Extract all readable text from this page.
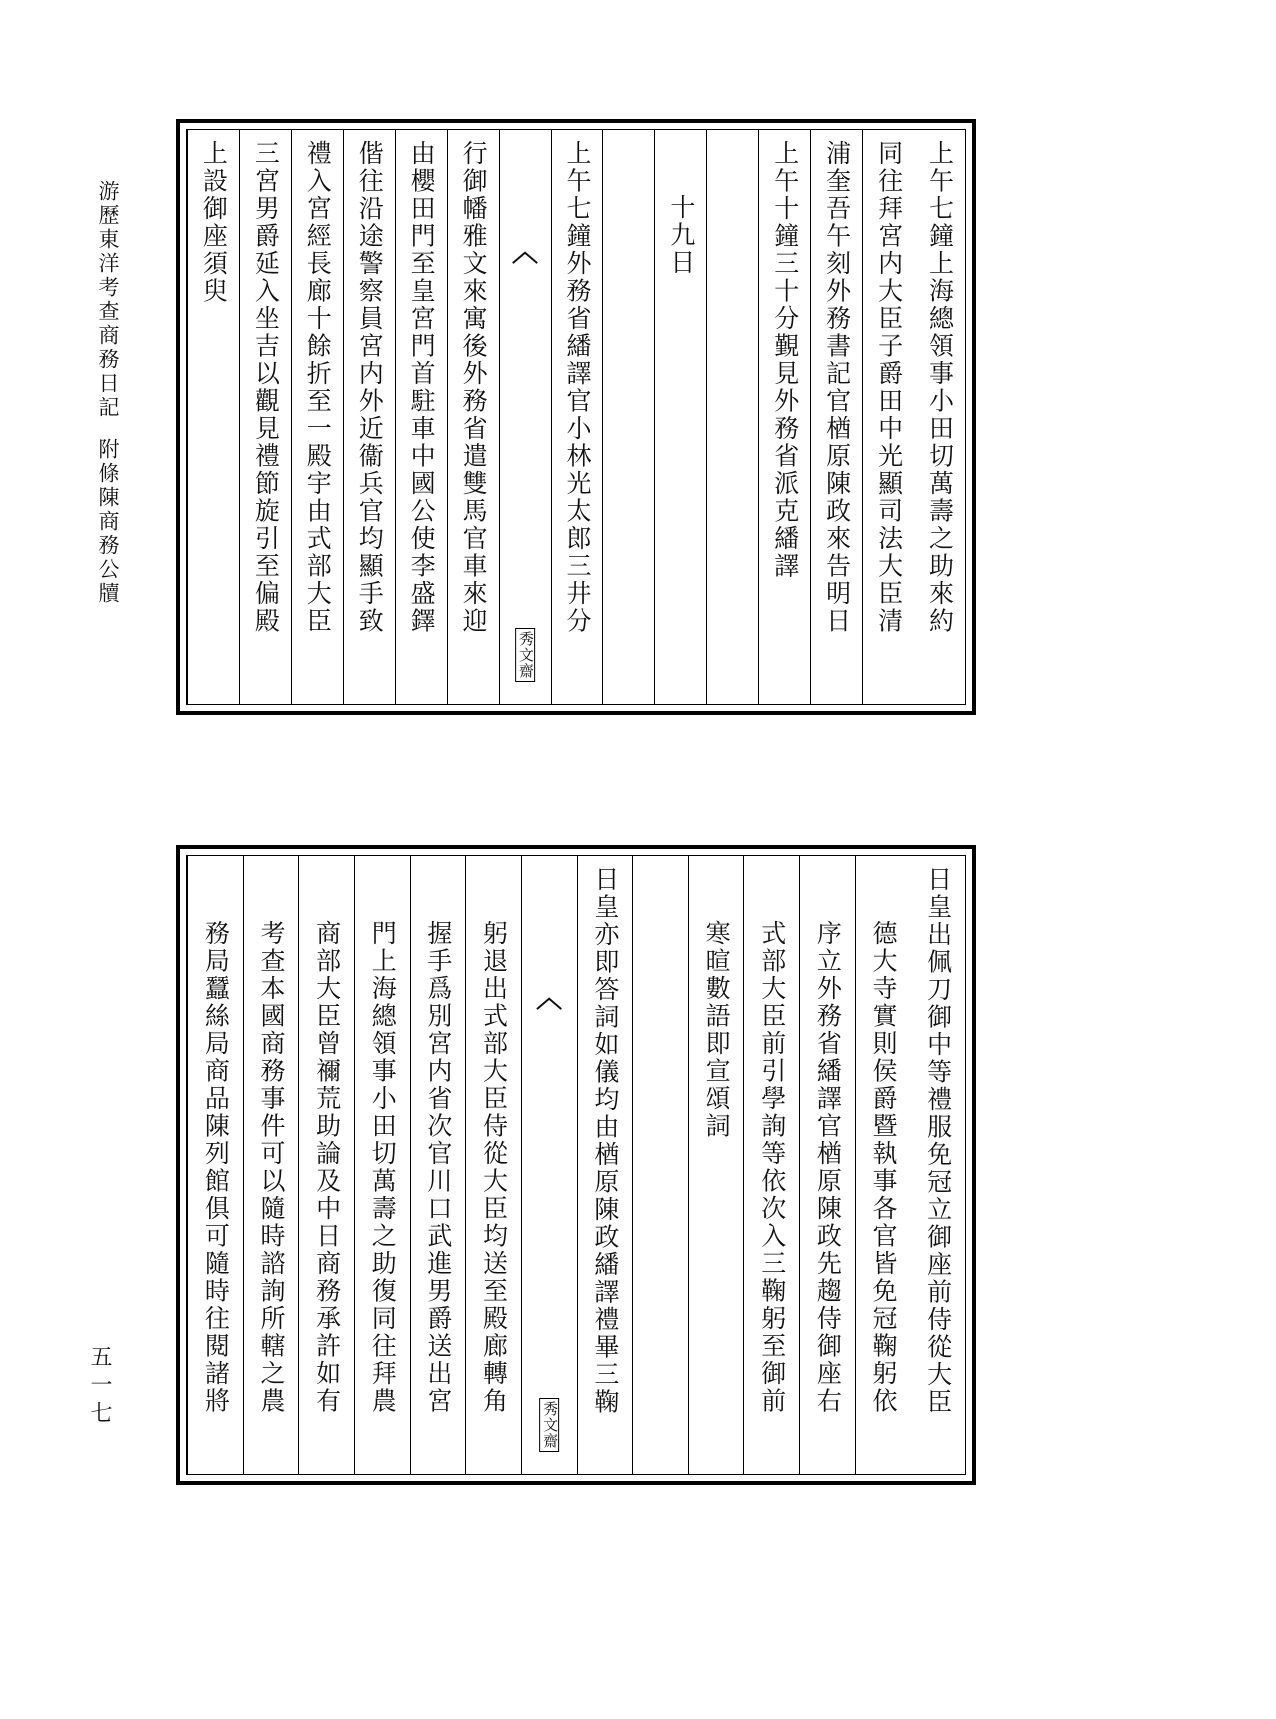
游歷東洋考查商務日記附條陳商務公牘
五一七
上午七鐘上海總領事小田切萬壽之助來約
同往拜宮内大臣子爵田中光顯司法大臣清
浦奎吾午刻外務書記官楢原陳政來告明日
上午十鐘三十分覲見外務省派克繙譯
十九日
上午七鐘外務省繙譯官小林光太郎三井分
︿
秀文齋
行御幡雅文來寓後外務省遣雙馬官車來迎
由櫻田門至皇宮門首駐車中國公使李盛鐸
偕往沿途警察員宮内外近衞兵官均顯手致
禮入宮經長廊十餘折至一殿宇由式部大臣
三宮男爵延入坐吉以觀見禮節旋引至偏殿
上設御座須臾
日皇出佩刀御中等禮服免冠立御座前侍從大臣
德大寺實則侯爵暨執事各官皆免冠鞠躬依
序立外務省繙譯官楢原陳政先趨侍御座右
式部大臣前引學詢等依次入三鞠躬至御前
寒暄數語即宣頌詞
日皇亦即答詞如儀均由楢原陳政繙譯禮畢三鞠
︿
秀文齋
躬退出式部大臣侍從大臣均送至殿廊轉角
握手爲別宮内省次官川口武進男爵送出宮
門上海總領事小田切萬壽之助復同往拜農
商部大臣曾禰荒助論及中日商務承許如有
考查本國商務事件可以隨時諮詢所轄之農
務局蠶絲局商品陳列館俱可隨時往閱諸將
